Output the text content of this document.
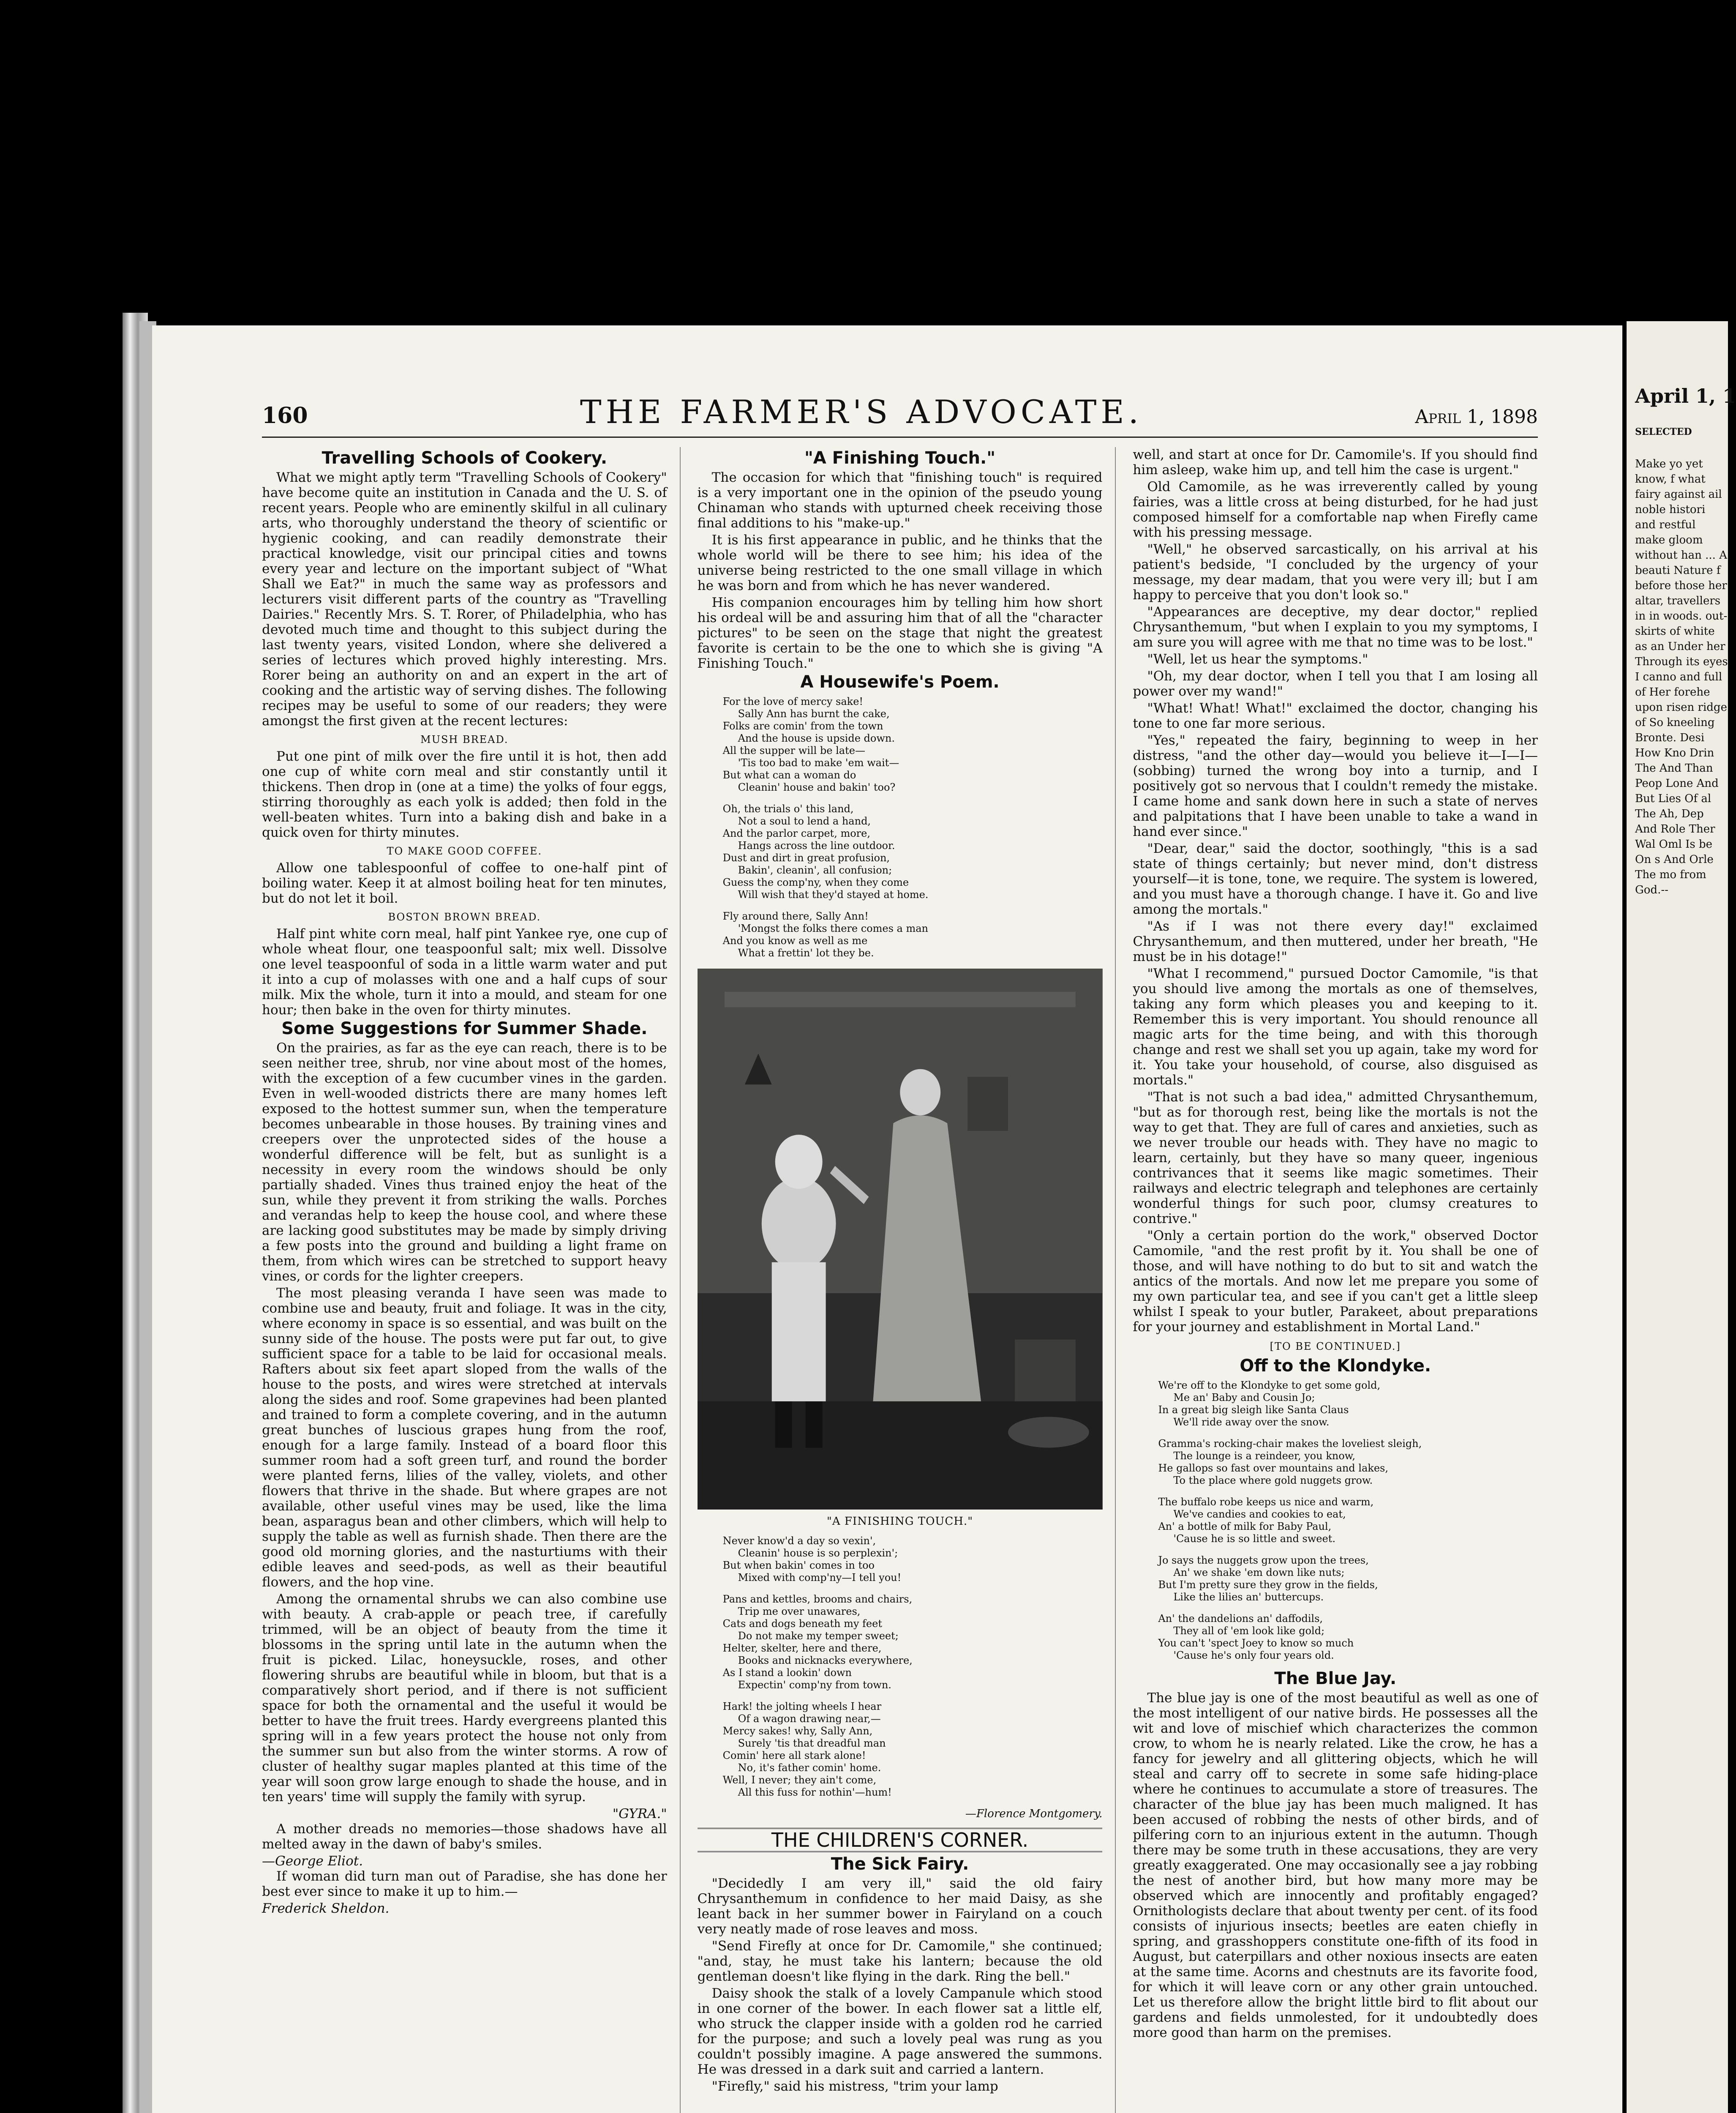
160	THE FARMER'S ADVOCATE.	April 1, 1898
Travelling Schools of Cookery.

What we might aptly term "Travelling Schools of Cookery" have become quite an institution in Canada and the U. S. of recent years. People who are eminently skilful in all culinary arts, who thoroughly understand the theory of scientific or hygienic cooking, and can readily demonstrate their practical knowledge, visit our principal cities and towns every year and lecture on the important subject of "What Shall we Eat?" in much the same way as professors and lecturers visit different parts of the country as "Travelling Dairies." Recently Mrs. S. T. Rorer, of Philadelphia, who has devoted much time and thought to this subject during the last twenty years, visited London, where she delivered a series of lectures which proved highly interesting. Mrs. Rorer being an authority on and an expert in the art of cooking and the artistic way of serving dishes. The following recipes may be useful to some of our readers; they were amongst the first given at the recent lectures:

MUSH BREAD.

Put one pint of milk over the fire until it is hot, then add one cup of white corn meal and stir constantly until it thickens. Then drop in (one at a time) the yolks of four eggs, stirring thoroughly as each yolk is added; then fold in the well-beaten whites. Turn into a baking dish and bake in a quick oven for thirty minutes.

TO MAKE GOOD COFFEE.

Allow one tablespoonful of coffee to one-half pint of boiling water. Keep it at almost boiling heat for ten minutes, but do not let it boil.

BOSTON BROWN BREAD.

Half pint white corn meal, half pint Yankee rye, one cup of whole wheat flour, one teaspoonful salt; mix well. Dissolve one level teaspoonful of soda in a little warm water and put it into a cup of molasses with one and a half cups of sour milk. Mix the whole, turn it into a mould, and steam for one hour; then bake in the oven for thirty minutes.

Some Suggestions for Summer Shade.

On the prairies, as far as the eye can reach, there is to be seen neither tree, shrub, nor vine about most of the homes, with the exception of a few cucumber vines in the garden. Even in well-wooded districts there are many homes left exposed to the hottest summer sun, when the temperature becomes unbearable in those houses. By training vines and creepers over the unprotected sides of the house a wonderful difference will be felt, but as sunlight is a necessity in every room the windows should be only partially shaded. Vines thus trained enjoy the heat of the sun, while they prevent it from striking the walls. Porches and verandas help to keep the house cool, and where these are lacking good substitutes may be made by simply driving a few posts into the ground and building a light frame on them, from which wires can be stretched to support heavy vines, or cords for the lighter creepers.

The most pleasing veranda I have seen was made to combine use and beauty, fruit and foliage. It was in the city, where economy in space is so essential, and was built on the sunny side of the house. The posts were put far out, to give sufficient space for a table to be laid for occasional meals. Rafters about six feet apart sloped from the walls of the house to the posts, and wires were stretched at intervals along the sides and roof. Some grapevines had been planted and trained to form a complete covering, and in the autumn great bunches of luscious grapes hung from the roof, enough for a large family. Instead of a board floor this summer room had a soft green turf, and round the border were planted ferns, lilies of the valley, violets, and other flowers that thrive in the shade. But where grapes are not available, other useful vines may be used, like the lima bean, asparagus bean and other climbers, which will help to supply the table as well as furnish shade. Then there are the good old morning glories, and the nasturtiums with their edible leaves and seed-pods, as well as their beautiful flowers, and the hop vine.

Among the ornamental shrubs we can also combine use with beauty. A crab-apple or peach tree, if carefully trimmed, will be an object of beauty from the time it blossoms in the spring until late in the autumn when the fruit is picked. Lilac, honeysuckle, roses, and other flowering shrubs are beautiful while in bloom, but that is a comparatively short period, and if there is not sufficient space for both the ornamental and the useful it would be better to have the fruit trees. Hardy evergreens planted this spring will in a few years protect the house not only from the summer sun but also from the winter storms. A row of cluster of healthy sugar maples planted at this time of the year will soon grow large enough to shade the house, and in ten years' time will supply the family with syrup.

"GYRA."

A mother dreads no memories—those shadows have all melted away in the dawn of baby's smiles.

—George Eliot.

If woman did turn man out of Paradise, she has done her best ever since to make it up to him.—

Frederick Sheldon.
"A Finishing Touch."

The occasion for which that "finishing touch" is required is a very important one in the opinion of the pseudo young Chinaman who stands with upturned cheek receiving those final additions to his "make-up."

It is his first appearance in public, and he thinks that the whole world will be there to see him; his idea of the universe being restricted to the one small village in which he was born and from which he has never wandered.

His companion encourages him by telling him how short his ordeal will be and assuring him that of all the "character pictures" to be seen on the stage that night the greatest favorite is certain to be the one to which she is giving "A Finishing Touch."

A Housewife's Poem.
For the love of mercy sake!
Sally Ann has burnt the cake,
Folks are comin' from the town
And the house is upside down.
All the supper will be late—
'Tis too bad to make 'em wait—
But what can a woman do
Cleanin' house and bakin' too?
Oh, the trials o' this land,
Not a soul to lend a hand,
And the parlor carpet, more,
Hangs across the line outdoor.
Dust and dirt in great profusion,
Bakin', cleanin', all confusion;
Guess the comp'ny, when they come
Will wish that they'd stayed at home.
Fly around there, Sally Ann!
'Mongst the folks there comes a man
And you know as well as me
What a frettin' lot they be.
"A FINISHING TOUCH."
Never know'd a day so vexin',
Cleanin' house is so perplexin';
But when bakin' comes in too
Mixed with comp'ny—I tell you!
Pans and kettles, brooms and chairs,
Trip me over unawares,
Cats and dogs beneath my feet
Do not make my temper sweet;
Helter, skelter, here and there,
Books and nicknacks everywhere,
As I stand a lookin' down
Expectin' comp'ny from town.
Hark! the jolting wheels I hear
Of a wagon drawing near,—
Mercy sakes! why, Sally Ann,
Surely 'tis that dreadful man
Comin' here all stark alone!
No, it's father comin' home.
Well, I never; they ain't come,
All this fuss for nothin'—hum!
—Florence Montgomery.
THE CHILDREN'S CORNER.
The Sick Fairy.

"Decidedly I am very ill," said the old fairy Chrysanthemum in confidence to her maid Daisy, as she leant back in her summer bower in Fairyland on a couch very neatly made of rose leaves and moss.

"Send Firefly at once for Dr. Camomile," she continued; "and, stay, he must take his lantern; because the old gentleman doesn't like flying in the dark. Ring the bell."

Daisy shook the stalk of a lovely Campanule which stood in one corner of the bower. In each flower sat a little elf, who struck the clapper inside with a golden rod he carried for the purpose; and such a lovely peal was rung as you couldn't possibly imagine. A page answered the summons. He was dressed in a dark suit and carried a lantern.

"Firefly," said his mistress, "trim your lamp

well, and start at once for Dr. Camomile's. If you should find him asleep, wake him up, and tell him the case is urgent."

Old Camomile, as he was irreverently called by young fairies, was a little cross at being disturbed, for he had just composed himself for a comfortable nap when Firefly came with his pressing message.

"Well," he observed sarcastically, on his arrival at his patient's bedside, "I concluded by the urgency of your message, my dear madam, that you were very ill; but I am happy to perceive that you don't look so."

"Appearances are deceptive, my dear doctor," replied Chrysanthemum, "but when I explain to you my symptoms, I am sure you will agree with me that no time was to be lost."

"Well, let us hear the symptoms."

"Oh, my dear doctor, when I tell you that I am losing all power over my wand!"

"What! What! What!" exclaimed the doctor, changing his tone to one far more serious.

"Yes," repeated the fairy, beginning to weep in her distress, "and the other day—would you believe it—I—I—(sobbing) turned the wrong boy into a turnip, and I positively got so nervous that I couldn't remedy the mistake. I came home and sank down here in such a state of nerves and palpitations that I have been unable to take a wand in hand ever since."

"Dear, dear," said the doctor, soothingly, "this is a sad state of things certainly; but never mind, don't distress yourself—it is tone, tone, we require. The system is lowered, and you must have a thorough change. I have it. Go and live among the mortals."

"As if I was not there every day!" exclaimed Chrysanthemum, and then muttered, under her breath, "He must be in his dotage!"

"What I recommend," pursued Doctor Camomile, "is that you should live among the mortals as one of themselves, taking any form which pleases you and keeping to it. Remember this is very important. You should renounce all magic arts for the time being, and with this thorough change and rest we shall set you up again, take my word for it. You take your household, of course, also disguised as mortals."

"That is not such a bad idea," admitted Chrysanthemum, "but as for thorough rest, being like the mortals is not the way to get that. They are full of cares and anxieties, such as we never trouble our heads with. They have no magic to learn, certainly, but they have so many queer, ingenious contrivances that it seems like magic sometimes. Their railways and electric telegraph and telephones are certainly wonderful things for such poor, clumsy creatures to contrive."

"Only a certain portion do the work," observed Doctor Camomile, "and the rest profit by it. You shall be one of those, and will have nothing to do but to sit and watch the antics of the mortals. And now let me prepare you some of my own particular tea, and see if you can't get a little sleep whilst I speak to your butler, Parakeet, about preparations for your journey and establishment in Mortal Land."

[TO BE CONTINUED.]
Off to the Klondyke.
We're off to the Klondyke to get some gold,
Me an' Baby and Cousin Jo;
In a great big sleigh like Santa Claus
We'll ride away over the snow.
Gramma's rocking-chair makes the loveliest sleigh,
The lounge is a reindeer, you know,
He gallops so fast over mountains and lakes,
To the place where gold nuggets grow.
The buffalo robe keeps us nice and warm,
We've candies and cookies to eat,
An' a bottle of milk for Baby Paul,
'Cause he is so little and sweet.
Jo says the nuggets grow upon the trees,
An' we shake 'em down like nuts;
But I'm pretty sure they grow in the fields,
Like the lilies an' buttercups.
An' the dandelions an' daffodils,
They all of 'em look like gold;
You can't 'spect Joey to know so much
'Cause he's only four years old.
The Blue Jay.

The blue jay is one of the most beautiful as well as one of the most intelligent of our native birds. He possesses all the wit and love of mischief which characterizes the common crow, to whom he is nearly related. Like the crow, he has a fancy for jewelry and all glittering objects, which he will steal and carry off to secrete in some safe hiding-place where he continues to accumulate a store of treasures. The character of the blue jay has been much maligned. It has been accused of robbing the nests of other birds, and of pilfering corn to an injurious extent in the autumn. Though there may be some truth in these accusations, they are very greatly exaggerated. One may occasionally see a jay robbing the nest of another bird, but how many more may be observed which are innocently and profitably engaged? Ornithologists declare that about twenty per cent. of its food consists of injurious insects; beetles are eaten chiefly in spring, and grasshoppers constitute one-fifth of its food in August, but caterpillars and other noxious insects are eaten at the same time. Acorns and chestnuts are its favorite food, for which it will leave corn or any other grain untouched. Let us therefore allow the bright little bird to flit about our gardens and fields unmolested, for it undoubtedly does more good than harm on the premises.

April 1, 1
SELECTED
Make yo yet know, f what fairy against ail noble histori and restful make gloom without han ... A beauti Nature f before those her altar, travellers in in woods. out-skirts of white as an Under her Through its eyes I canno and full of Her forehe upon risen ridge of So kneeling Bronte. Desi How Kno Drin The And Than Peop Lone And But Lies Of al The Ah, Dep And Role Ther Wal Oml Is be On s And Orle The mo from God.--
